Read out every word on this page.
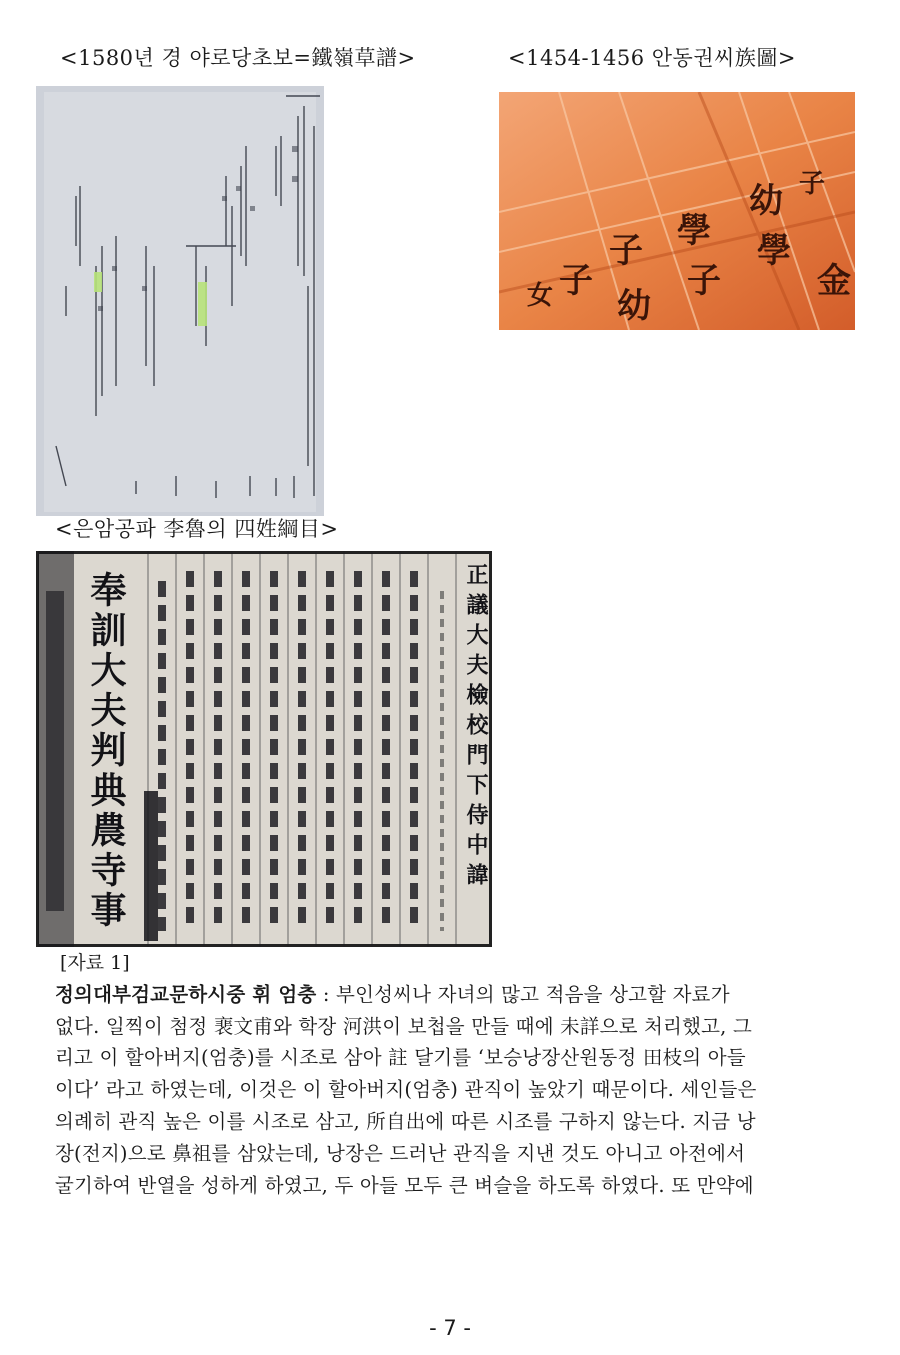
<1580년 경 야로당초보=鐵嶺草譜>	<1454-1456 안동권씨族圖>
子
女
子
幼
學
子
幼
學
子
金
<은암공파 李魯의 四姓綱目>
奉訓大夫判典農寺事	正議大夫檢校門下侍中諱
[자료 1]
정의대부검교문하시중 휘 엄충 : 부인성씨나 자녀의 많고 적음을 상고할 자료가
없다. 일찍이 첨정 裵文甫와 학장 河洪이 보첩을 만들 때에 未詳으로 처리했고, 그
리고 이 할아버지(엄충)를 시조로 삼아 註 달기를 ‘보승낭장산원동정 田枝의 아들
이다’ 라고 하였는데, 이것은 이 할아버지(엄충) 관직이 높았기 때문이다. 세인들은
의례히 관직 높은 이를 시조로 삼고, 所自出에 따른 시조를 구하지 않는다. 지금 낭
장(전지)으로 鼻祖를 삼았는데, 낭장은 드러난 관직을 지낸 것도 아니고 아전에서
굴기하여 반열을 성하게 하였고, 두 아들 모두 큰 벼슬을 하도록 하였다. 또 만약에
- 7 -
